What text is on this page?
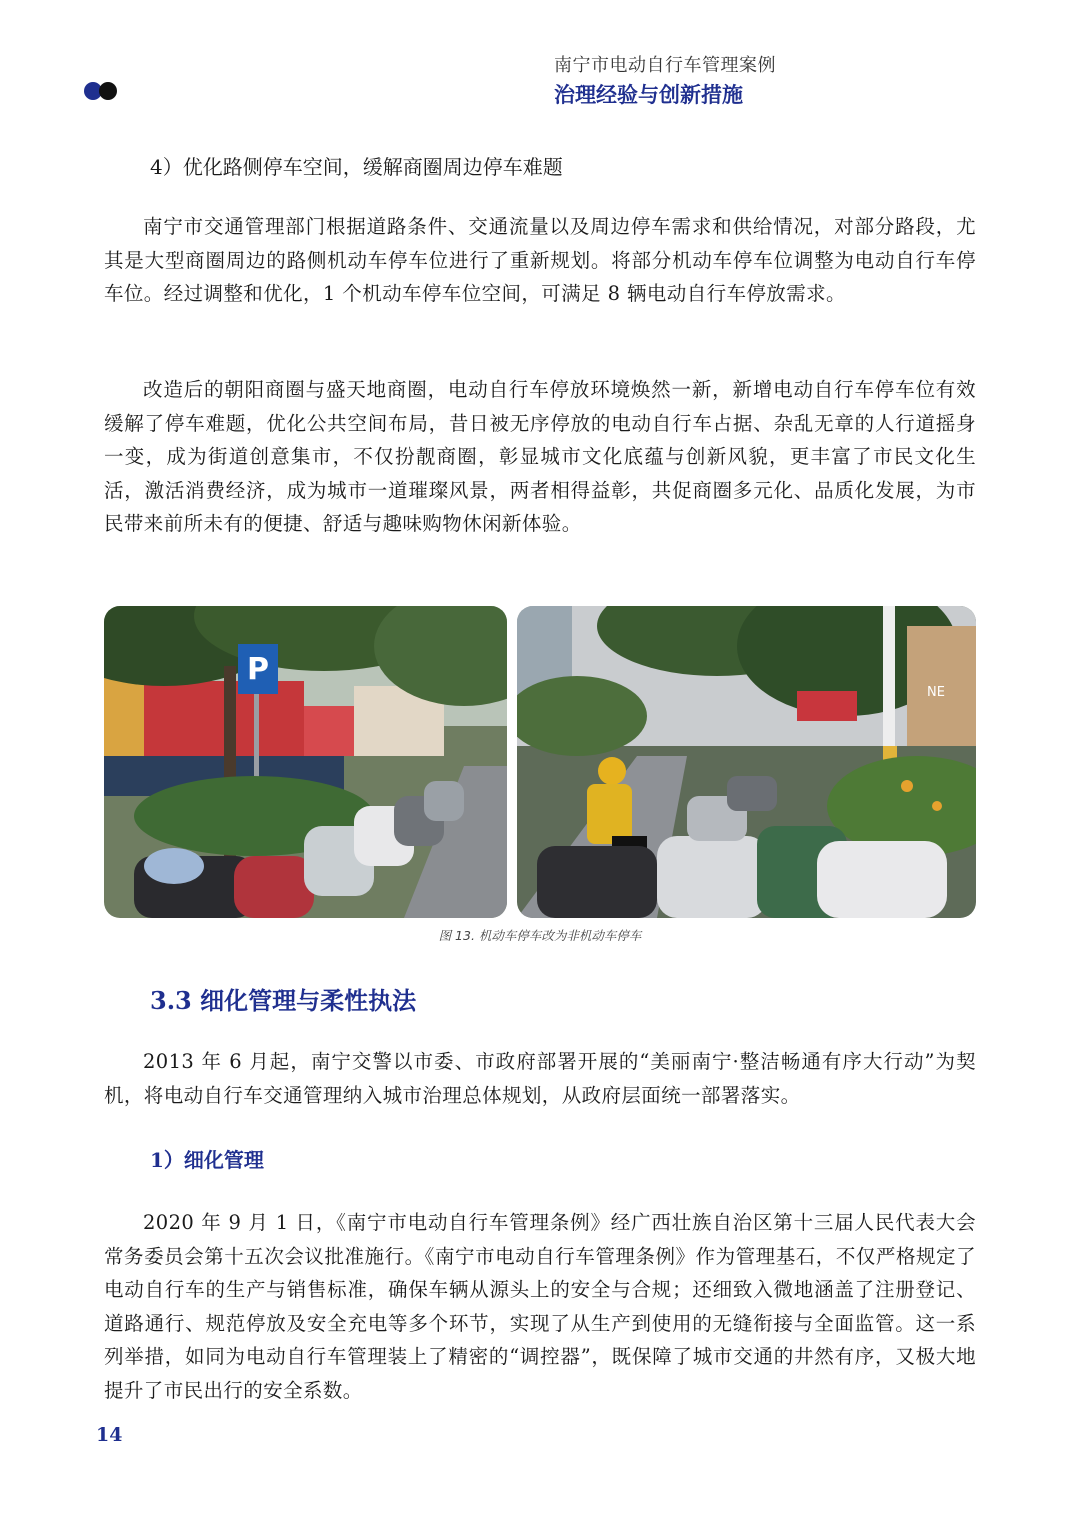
南宁市电动自行车管理案例
治理经验与创新措施
4）优化路侧停车空间，缓解商圈周边停车难题

南宁市交通管理部门根据道路条件、交通流量以及周边停车需求和供给情况，对部分路段，尤其是大型商圈周边的路侧机动车停车位进行了重新规划。将部分机动车停车位调整为电动自行车停车位。经过调整和优化，1 个机动车停车位空间，可满足 8 辆电动自行车停放需求。

改造后的朝阳商圈与盛天地商圈，电动自行车停放环境焕然一新，新增电动自行车停车位有效缓解了停车难题，优化公共空间布局，昔日被无序停放的电动自行车占据、杂乱无章的人行道摇身一变，成为街道创意集市，不仅扮靓商圈，彰显城市文化底蕴与创新风貌，更丰富了市民文化生活，激活消费经济，成为城市一道璀璨风景，两者相得益彰，共促商圈多元化、品质化发展，为市民带来前所未有的便捷、舒适与趣味购物休闲新体验。

P
NE
图 13. 机动车停车改为非机动车停车
3.3 细化管理与柔性执法

2013 年 6 月起，南宁交警以市委、市政府部署开展的“美丽南宁·整洁畅通有序大行动”为契机，将电动自行车交通管理纳入城市治理总体规划，从政府层面统一部署落实。

1）细化管理

2020 年 9 月 1 日，《南宁市电动自行车管理条例》经广西壮族自治区第十三届人民代表大会常务委员会第十五次会议批准施行。《南宁市电动自行车管理条例》作为管理基石，不仅严格规定了电动自行车的生产与销售标准，确保车辆从源头上的安全与合规；还细致入微地涵盖了注册登记、道路通行、规范停放及安全充电等多个环节，实现了从生产到使用的无缝衔接与全面监管。这一系列举措，如同为电动自行车管理装上了精密的“调控器”，既保障了城市交通的井然有序，又极大地提升了市民出行的安全系数。

14
